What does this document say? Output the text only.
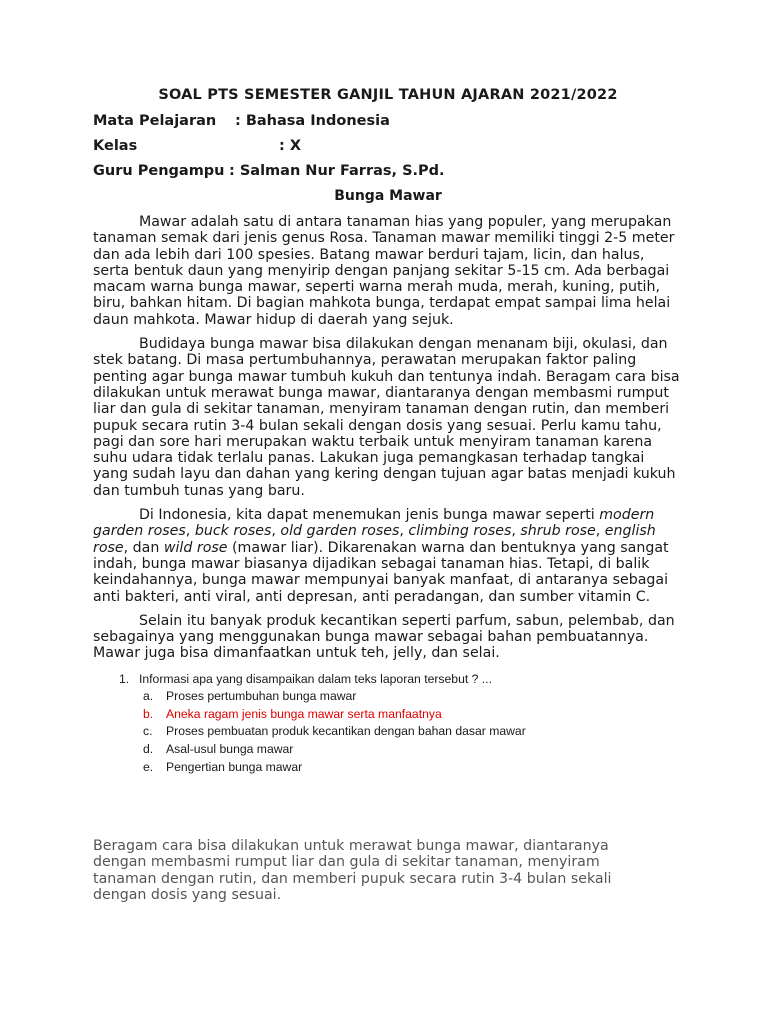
SOAL PTS SEMESTER GANJIL TAHUN AJARAN 2021/2022
Mata Pelajaran	: Bahasa Indonesia
Kelas	: X
Guru Pengampu : Salman Nur Farras, S.Pd.
Bunga Mawar

Mawar adalah satu di antara tanaman hias yang populer, yang merupakan tanaman semak dari jenis genus Rosa. Tanaman mawar memiliki tinggi 2-5 meter dan ada lebih dari 100 spesies. Batang mawar berduri tajam, licin, dan halus, serta bentuk daun yang menyirip dengan panjang sekitar 5-15 cm. Ada berbagai macam warna bunga mawar, seperti warna merah muda, merah, kuning, putih, biru, bahkan hitam. Di bagian mahkota bunga, terdapat empat sampai lima helai daun mahkota. Mawar hidup di daerah yang sejuk.

Budidaya bunga mawar bisa dilakukan dengan menanam biji, okulasi, dan stek batang. Di masa pertumbuhannya, perawatan merupakan faktor paling penting agar bunga mawar tumbuh kukuh dan tentunya indah. Beragam cara bisa dilakukan untuk merawat bunga mawar, diantaranya dengan membasmi rumput liar dan gula di sekitar tanaman, menyiram tanaman dengan rutin, dan memberi pupuk secara rutin 3-4 bulan sekali dengan dosis yang sesuai. Perlu kamu tahu, pagi dan sore hari merupakan waktu terbaik untuk menyiram tanaman karena suhu udara tidak terlalu panas. Lakukan juga pemangkasan terhadap tangkai yang sudah layu dan dahan yang kering dengan tujuan agar batas menjadi kukuh dan tumbuh tunas yang baru.

Di Indonesia, kita dapat menemukan jenis bunga mawar seperti modern garden roses, buck roses, old garden roses, climbing roses, shrub rose, english rose, dan wild rose (mawar liar). Dikarenakan warna dan bentuknya yang sangat indah, bunga mawar biasanya dijadikan sebagai tanaman hias. Tetapi, di balik keindahannya, bunga mawar mempunyai banyak manfaat, di antaranya sebagai anti bakteri, anti viral, anti depresan, anti peradangan, dan sumber vitamin C.

Selain itu banyak produk kecantikan seperti parfum, sabun, pelembab, dan sebagainya yang menggunakan bunga mawar sebagai bahan pembuatannya. Mawar juga bisa dimanfaatkan untuk teh, jelly, dan selai.

1. Informasi apa yang disampaikan dalam teks laporan tersebut ? ...
a.	Proses pertumbuhan bunga mawar
b.	Aneka ragam jenis bunga mawar serta manfaatnya
c.	Proses pembuatan produk kecantikan dengan bahan dasar mawar
d.	Asal-usul bunga mawar
e.	Pengertian bunga mawar
Beragam cara bisa dilakukan untuk merawat bunga mawar, diantaranya dengan membasmi rumput liar dan gula di sekitar tanaman, menyiram tanaman dengan rutin, dan memberi pupuk secara rutin 3-4 bulan sekali dengan dosis yang sesuai.
